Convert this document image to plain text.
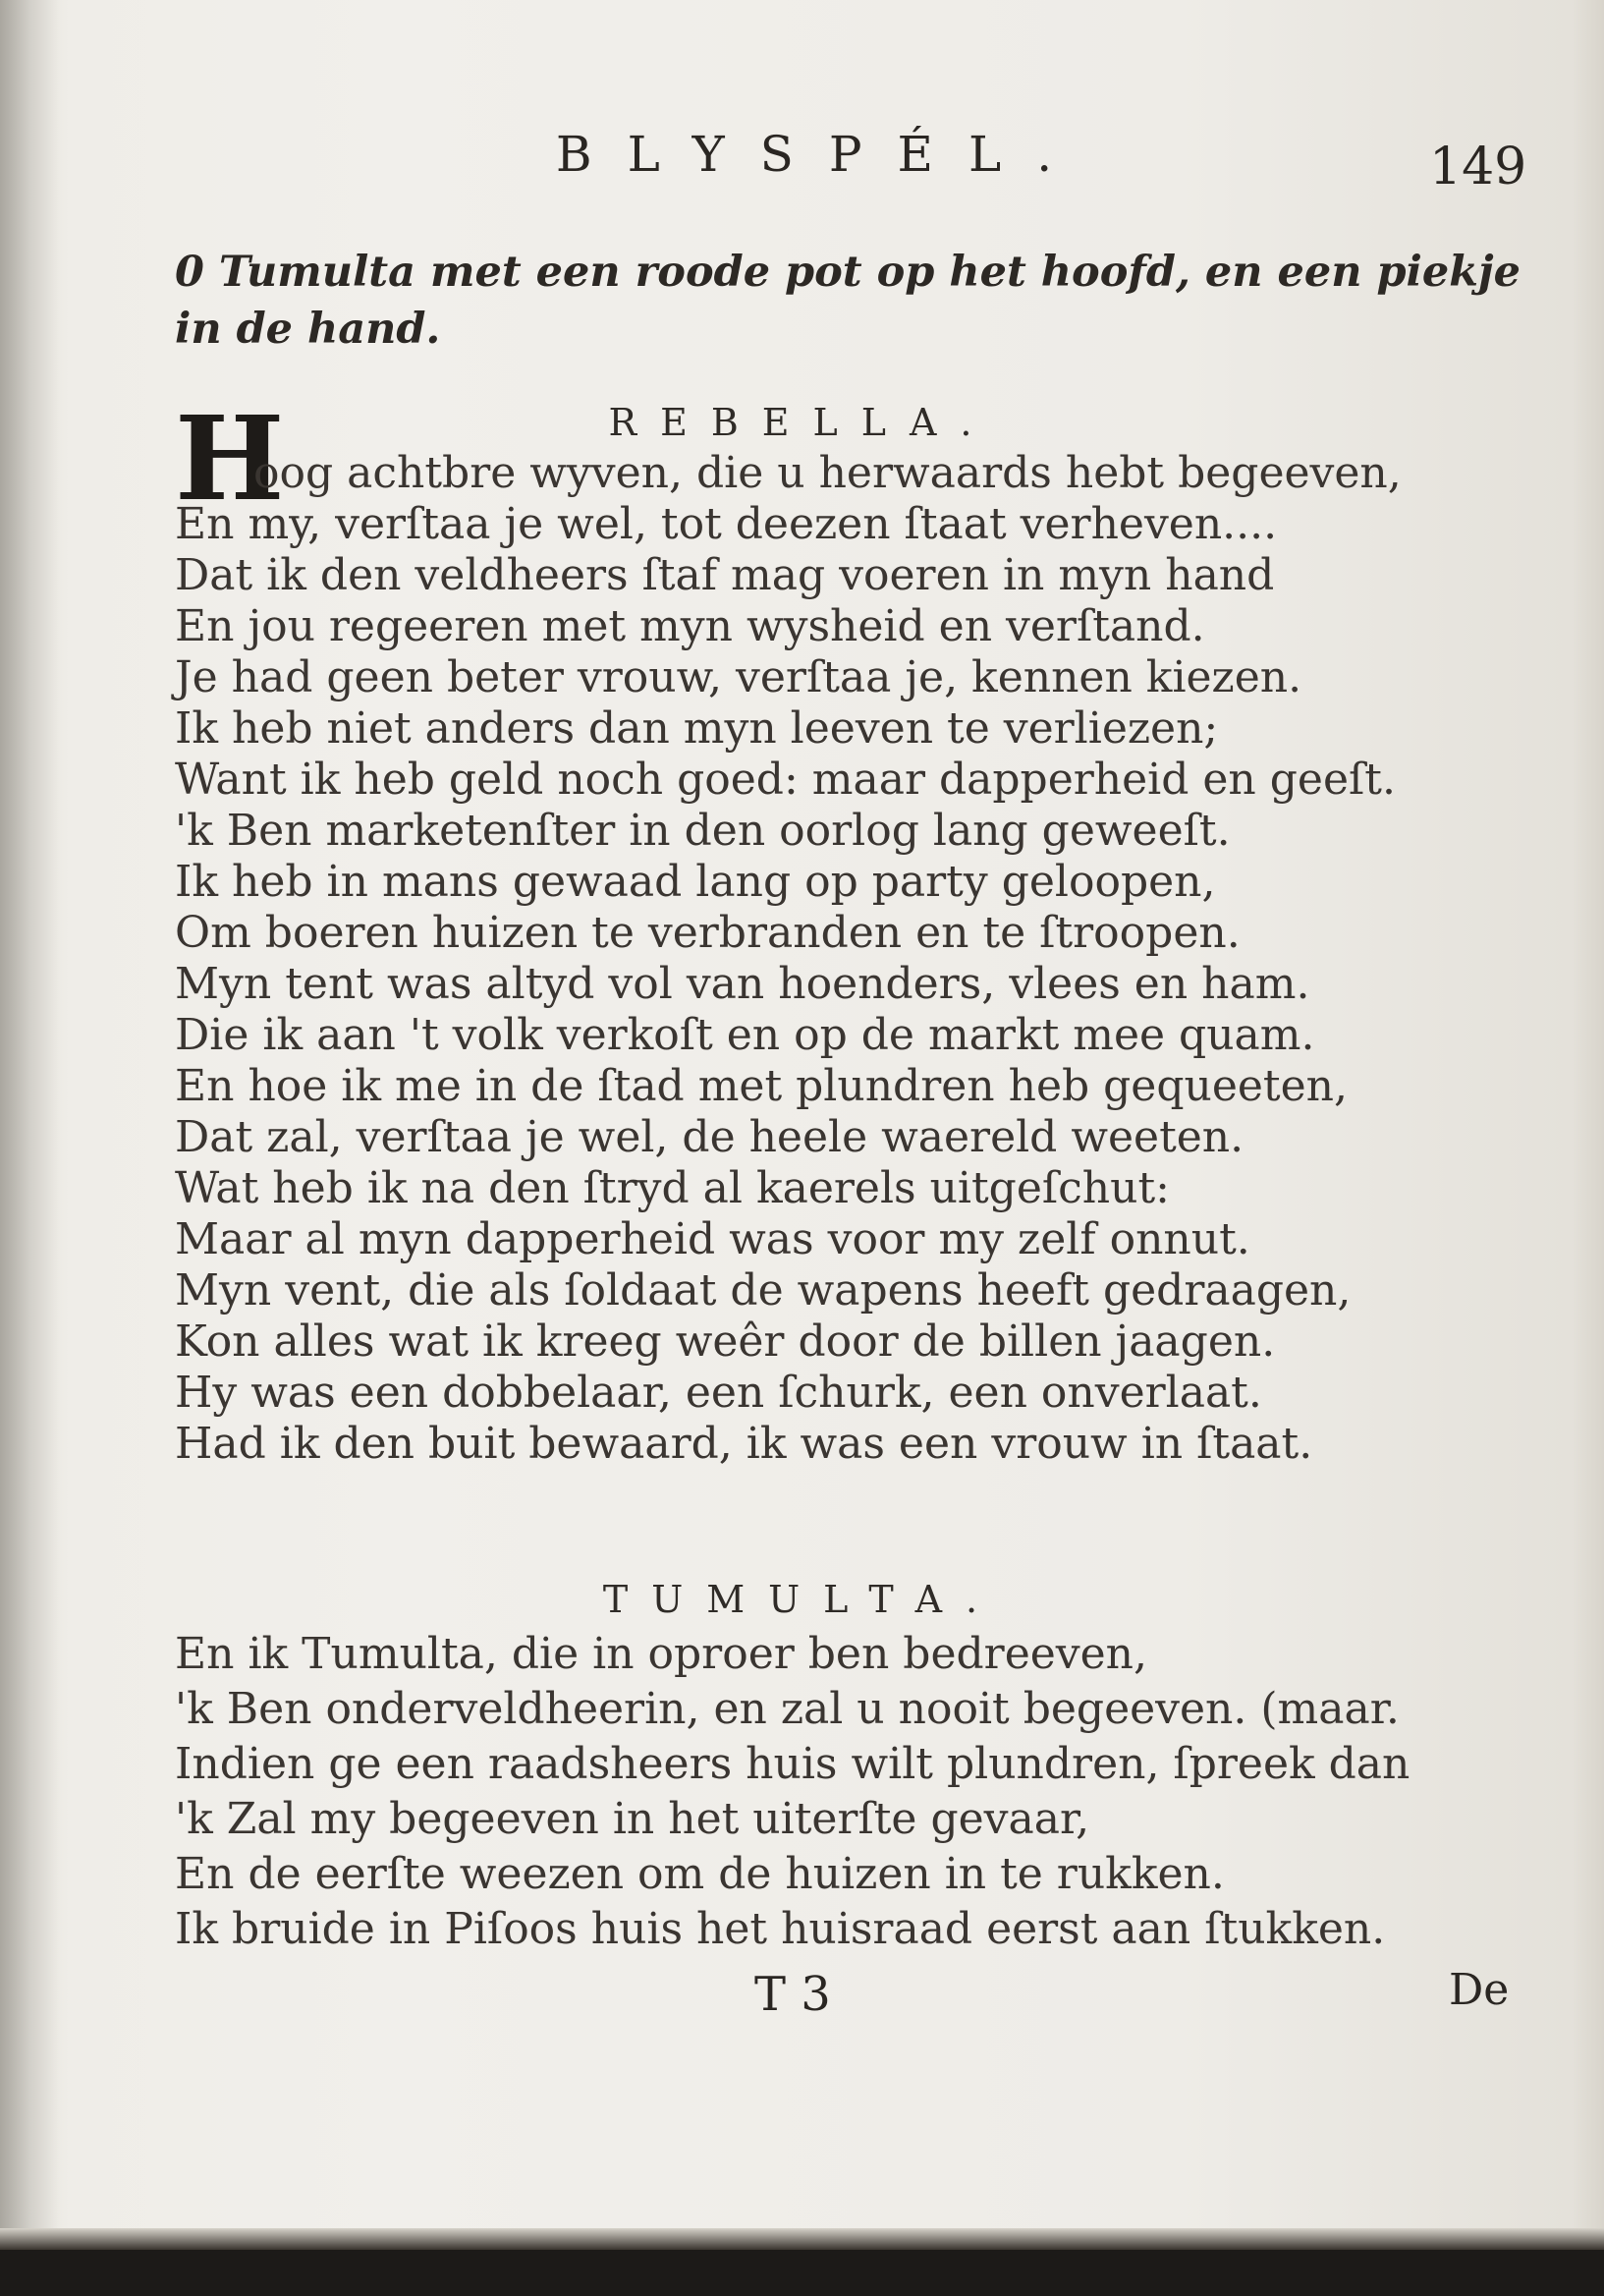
BLYSPÉL.	149
0 Tumulta met een roode pot op het hoofd, en een piekje in de hand.
REBELLA.
H
oog achtbre wyven, die u herwaards hebt begeeven,
En my, verſtaa je wel, tot deezen ſtaat verheven....
Dat ik den veldheers ſtaf mag voeren in myn hand
En jou regeeren met myn wysheid en verſtand.
Je had geen beter vrouw, verſtaa je, kennen kiezen.
Ik heb niet anders dan myn leeven te verliezen;
Want ik heb geld noch goed: maar dapperheid en geeſt.
'k Ben marketenſter in den oorlog lang geweeſt.
Ik heb in mans gewaad lang op party geloopen,
Om boeren huizen te verbranden en te ſtroopen.
Myn tent was altyd vol van hoenders, vlees en ham.
Die ik aan 't volk verkoſt en op de markt mee quam.
En hoe ik me in de ſtad met plundren heb gequeeten,
Dat zal, verſtaa je wel, de heele waereld weeten.
Wat heb ik na den ſtryd al kaerels uitgeſchut:
Maar al myn dapperheid was voor my zelf onnut.
Myn vent, die als ſoldaat de wapens heeft gedraagen,
Kon alles wat ik kreeg weêr door de billen jaagen.
Hy was een dobbelaar, een ſchurk, een onverlaat.
Had ik den buit bewaard, ik was een vrouw in ſtaat.
TUMULTA.
En ik Tumulta, die in oproer ben bedreeven,
'k Ben onderveldheerin, en zal u nooit begeeven. (maar.
Indien ge een raadsheers huis wilt plundren, ſpreek dan
'k Zal my begeeven in het uiterſte gevaar,
En de eerſte weezen om de huizen in te rukken.
Ik bruide in Piſoos huis het huisraad eerst aan ſtukken.
T 3	De
